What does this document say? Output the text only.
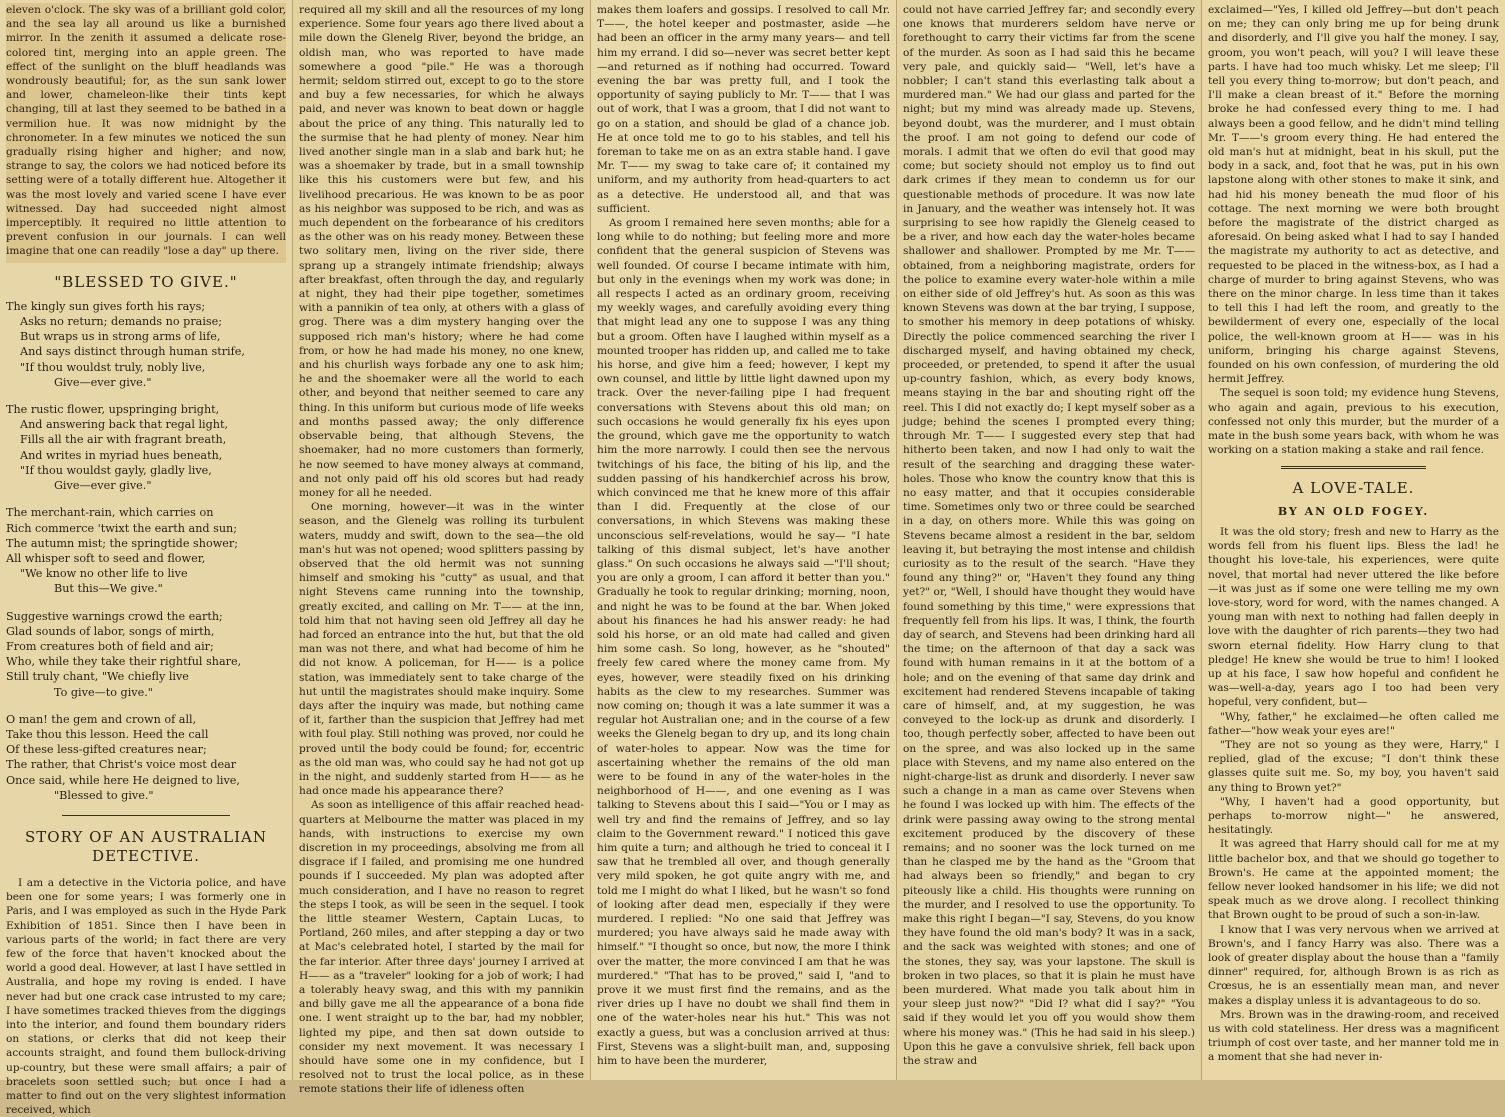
eleven o'clock. The sky was of a brilliant gold color, and the sea lay all around us like a burnished mirror. In the zenith it assumed a delicate rose-colored tint, merging into an apple green. The effect of the sunlight on the bluff headlands was wondrously beautiful; for, as the sun sank lower and lower, chameleon-like their tints kept changing, till at last they seemed to be bathed in a vermilion hue. It was now midnight by the chronometer. In a few minutes we noticed the sun gradually rising higher and higher; and now, strange to say, the colors we had noticed before its setting were of a totally different hue. Altogether it was the most lovely and varied scene I have ever witnessed. Day had succeeded night almost imperceptibly. It required no little attention to prevent confusion in our journals. I can well imagine that one can readily "lose a day" up there.

"BLESSED TO GIVE."

The kingly sun gives forth his rays;
Asks no return; demands no praise;
But wraps us in strong arms of life,
And says distinct through human strife,
"If thou wouldst truly, nobly live,
Give—ever give."
The rustic flower, upspringing bright,
And answering back that regal light,
Fills all the air with fragrant breath,
And writes in myriad hues beneath,
"If thou wouldst gayly, gladly live,
Give—ever give."
The merchant-rain, which carries on
Rich commerce 'twixt the earth and sun;
The autumn mist; the springtide shower;
All whisper soft to seed and flower,
"We know no other life to live
But this—We give."
Suggestive warnings crowd the earth;
Glad sounds of labor, songs of mirth,
From creatures both of field and air;
Who, while they take their rightful share,
Still truly chant, "We chiefly live
To give—to give."
O man! the gem and crown of all,
Take thou this lesson. Heed the call
Of these less-gifted creatures near;
The rather, that Christ's voice most dear
Once said, while here He deigned to live,
"Blessed to give."

STORY OF AN AUSTRALIAN DETECTIVE.

I am a detective in the Victoria police, and have been one for some years; I was formerly one in Paris, and I was employed as such in the Hyde Park Exhibition of 1851. Since then I have been in various parts of the world; in fact there are very few of the force that haven't knocked about the world a good deal. However, at last I have settled in Australia, and hope my roving is ended. I have never had but one crack case intrusted to my care; I have sometimes tracked thieves from the diggings into the interior, and found them boundary riders on stations, or clerks that did not keep their accounts straight, and found them bullock-driving up-country, but these were small affairs; a pair of bracelets soon settled such; but once I had a matter to find out on the very slightest information received, which

required all my skill and all the resources of my long experience. Some four years ago there lived about a mile down the Glenelg River, beyond the bridge, an oldish man, who was reported to have made somewhere a good "pile." He was a thorough hermit; seldom stirred out, except to go to the store and buy a few necessaries, for which he always paid, and never was known to beat down or haggle about the price of any thing. This naturally led to the surmise that he had plenty of money. Near him lived another single man in a slab and bark hut; he was a shoemaker by trade, but in a small township like this his customers were but few, and his livelihood precarious. He was known to be as poor as his neighbor was supposed to be rich, and was as much dependent on the forbearance of his creditors as the other was on his ready money. Between these two solitary men, living on the river side, there sprang up a strangely intimate friendship; always after breakfast, often through the day, and regularly at night, they had their pipe together, sometimes with a pannikin of tea only, at others with a glass of grog. There was a dim mystery hanging over the supposed rich man's history; where he had come from, or how he had made his money, no one knew, and his churlish ways forbade any one to ask him; he and the shoemaker were all the world to each other, and beyond that neither seemed to care any thing. In this uniform but curious mode of life weeks and months passed away; the only difference observable being, that although Stevens, the shoemaker, had no more customers than formerly, he now seemed to have money always at command, and not only paid off his old scores but had ready money for all he needed.

One morning, however—it was in the winter season, and the Glenelg was rolling its turbulent waters, muddy and swift, down to the sea—the old man's hut was not opened; wood splitters passing by observed that the old hermit was not sunning himself and smoking his "cutty" as usual, and that night Stevens came running into the township, greatly excited, and calling on Mr. T—— at the inn, told him that not having seen old Jeffrey all day he had forced an entrance into the hut, but that the old man was not there, and what had become of him he did not know. A policeman, for H—— is a police station, was immediately sent to take charge of the hut until the magistrates should make inquiry. Some days after the inquiry was made, but nothing came of it, farther than the suspicion that Jeffrey had met with foul play. Still nothing was proved, nor could he proved until the body could be found; for, eccentric as the old man was, who could say he had not got up in the night, and suddenly started from H—— as he had once made his appearance there?

As soon as intelligence of this affair reached head-quarters at Melbourne the matter was placed in my hands, with instructions to exercise my own discretion in my proceedings, absolving me from all disgrace if I failed, and promising me one hundred pounds if I succeeded. My plan was adopted after much consideration, and I have no reason to regret the steps I took, as will be seen in the sequel. I took the little steamer Western, Captain Lucas, to Portland, 260 miles, and after stepping a day or two at Mac's celebrated hotel, I started by the mail for the far interior. After three days' journey I arrived at H—— as a "traveler" looking for a job of work; I had a tolerably heavy swag, and this with my pannikin and billy gave me all the appearance of a bona fide one. I went straight up to the bar, had my nobbler, lighted my pipe, and then sat down outside to consider my next movement. It was necessary I should have some one in my confidence, but I resolved not to trust the local police, as in these remote stations their life of idleness often

makes them loafers and gossips. I resolved to call Mr. T——, the hotel keeper and postmaster, aside —he had been an officer in the army many years— and tell him my errand. I did so—never was secret better kept—and returned as if nothing had occurred. Toward evening the bar was pretty full, and I took the opportunity of saying publicly to Mr. T—— that I was out of work, that I was a groom, that I did not want to go on a station, and should be glad of a chance job. He at once told me to go to his stables, and tell his foreman to take me on as an extra stable hand. I gave Mr. T—— my swag to take care of; it contained my uniform, and my authority from head-quarters to act as a detective. He understood all, and that was sufficient.

As groom I remained here seven months; able for a long while to do nothing; but feeling more and more confident that the general suspicion of Stevens was well founded. Of course I became intimate with him, but only in the evenings when my work was done; in all respects I acted as an ordinary groom, receiving my weekly wages, and carefully avoiding every thing that might lead any one to suppose I was any thing but a groom. Often have I laughed within myself as a mounted trooper has ridden up, and called me to take his horse, and give him a feed; however, I kept my own counsel, and little by little light dawned upon my track. Over the never-failing pipe I had frequent conversations with Stevens about this old man; on such occasions he would generally fix his eyes upon the ground, which gave me the opportunity to watch him the more narrowly. I could then see the nervous twitchings of his face, the biting of his lip, and the sudden passing of his handkerchief across his brow, which convinced me that he knew more of this affair than I did. Frequently at the close of our conversations, in which Stevens was making these unconscious self-revelations, would he say— "I hate talking of this dismal subject, let's have another glass." On such occasions he always said —"I'll shout; you are only a groom, I can afford it better than you." Gradually he took to regular drinking; morning, noon, and night he was to be found at the bar. When joked about his finances he had his answer ready: he had sold his horse, or an old mate had called and given him some cash. So long, however, as he "shouted" freely few cared where the money came from. My eyes, however, were steadily fixed on his drinking habits as the clew to my researches. Summer was now coming on; though it was a late summer it was a regular hot Australian one; and in the course of a few weeks the Glenelg began to dry up, and its long chain of water-holes to appear. Now was the time for ascertaining whether the remains of the old man were to be found in any of the water-holes in the neighborhood of H——, and one evening as I was talking to Stevens about this I said—"You or I may as well try and find the remains of Jeffrey, and so lay claim to the Government reward." I noticed this gave him quite a turn; and although he tried to conceal it I saw that he trembled all over, and though generally very mild spoken, he got quite angry with me, and told me I might do what I liked, but he wasn't so fond of looking after dead men, especially if they were murdered. I replied: "No one said that Jeffrey was murdered; you have always said he made away with himself." "I thought so once, but now, the more I think over the matter, the more convinced I am that he was murdered." "That has to be proved," said I, "and to prove it we must first find the remains, and as the river dries up I have no doubt we shall find them in one of the water-holes near his hut." This was not exactly a guess, but was a conclusion arrived at thus: First, Stevens was a slight-built man, and, supposing him to have been the murderer,

could not have carried Jeffrey far; and secondly every one knows that murderers seldom have nerve or forethought to carry their victims far from the scene of the murder. As soon as I had said this he became very pale, and quickly said— "Well, let's have a nobbler; I can't stand this everlasting talk about a murdered man." We had our glass and parted for the night; but my mind was already made up. Stevens, beyond doubt, was the murderer, and I must obtain the proof. I am not going to defend our code of morals. I admit that we often do evil that good may come; but society should not employ us to find out dark crimes if they mean to condemn us for our questionable methods of procedure. It was now late in January, and the weather was intensely hot. It was surprising to see how rapidly the Glenelg ceased to be a river, and how each day the water-holes became shallower and shallower. Prompted by me Mr. T—— obtained, from a neighboring magistrate, orders for the police to examine every water-hole within a mile on either side of old Jeffrey's hut. As soon as this was known Stevens was down at the bar trying, I suppose, to smother his memory in deep potations of whisky. Directly the police commenced searching the river I discharged myself, and having obtained my check, proceeded, or pretended, to spend it after the usual up-country fashion, which, as every body knows, means staying in the bar and shouting right off the reel. This I did not exactly do; I kept myself sober as a judge; behind the scenes I prompted every thing; through Mr. T—— I suggested every step that had hitherto been taken, and now I had only to wait the result of the searching and dragging these water-holes. Those who know the country know that this is no easy matter, and that it occupies considerable time. Sometimes only two or three could be searched in a day, on others more. While this was going on Stevens became almost a resident in the bar, seldom leaving it, but betraying the most intense and childish curiosity as to the result of the search. "Have they found any thing?" or, "Haven't they found any thing yet?" or, "Well, I should have thought they would have found something by this time," were expressions that frequently fell from his lips. It was, I think, the fourth day of search, and Stevens had been drinking hard all the time; on the afternoon of that day a sack was found with human remains in it at the bottom of a hole; and on the evening of that same day drink and excitement had rendered Stevens incapable of taking care of himself, and, at my suggestion, he was conveyed to the lock-up as drunk and disorderly. I too, though perfectly sober, affected to have been out on the spree, and was also locked up in the same place with Stevens, and my name also entered on the night-charge-list as drunk and disorderly. I never saw such a change in a man as came over Stevens when he found I was locked up with him. The effects of the drink were passing away owing to the strong mental excitement produced by the discovery of these remains; and no sooner was the lock turned on me than he clasped me by the hand as the "Groom that had always been so friendly," and began to cry piteously like a child. His thoughts were running on the murder, and I resolved to use the opportunity. To make this right I began—"I say, Stevens, do you know they have found the old man's body? It was in a sack, and the sack was weighted with stones; and one of the stones, they say, was your lapstone. The skull is broken in two places, so that it is plain he must have been murdered. What made you talk about him in your sleep just now?" "Did I? what did I say?" "You said if they would let you off you would show them where his money was." (This he had said in his sleep.) Upon this he gave a convulsive shriek, fell back upon the straw and

exclaimed—"Yes, I killed old Jeffrey—but don't peach on me; they can only bring me up for being drunk and disorderly, and I'll give you half the money. I say, groom, you won't peach, will you? I will leave these parts. I have had too much whisky. Let me sleep; I'll tell you every thing to-morrow; but don't peach, and I'll make a clean breast of it." Before the morning broke he had confessed every thing to me. I had always been a good fellow, and he didn't mind telling Mr. T——'s groom every thing. He had entered the old man's hut at midnight, beat in his skull, put the body in a sack, and, foot that he was, put in his own lapstone along with other stones to make it sink, and had hid his money beneath the mud floor of his cottage. The next morning we were both brought before the magistrate of the district charged as aforesaid. On being asked what I had to say I handed the magistrate my authority to act as detective, and requested to be placed in the witness-box, as I had a charge of murder to bring against Stevens, who was there on the minor charge. In less time than it takes to tell this I had left the room, and greatly to the bewilderment of every one, especially of the local police, the well-known groom at H—— was in his uniform, bringing his charge against Stevens, founded on his own confession, of murdering the old hermit Jeffrey.

The sequel is soon told; my evidence hung Stevens, who again and again, previous to his execution, confessed not only this murder, but the murder of a mate in the bush some years back, with whom he was working on a station making a stake and rail fence.

A LOVE-TALE.

BY AN OLD FOGEY.

It was the old story; fresh and new to Harry as the words fell from his fluent lips. Bless the lad! he thought his love-tale, his experiences, were quite novel, that mortal had never uttered the like before —it was just as if some one were telling me my own love-story, word for word, with the names changed. A young man with next to nothing had fallen deeply in love with the daughter of rich parents—they two had sworn eternal fidelity. How Harry clung to that pledge! He knew she would be true to him! I looked up at his face, I saw how hopeful and confident he was—well-a-day, years ago I too had been very hopeful, very confident, but—

"Why, father," he exclaimed—he often called me father—"how weak your eyes are!"

"They are not so young as they were, Harry," I replied, glad of the excuse; "I don't think these glasses quite suit me. So, my boy, you haven't said any thing to Brown yet?"

"Why, I haven't had a good opportunity, but perhaps to-morrow night—" he answered, hesitatingly.

It was agreed that Harry should call for me at my little bachelor box, and that we should go together to Brown's. He came at the appointed moment; the fellow never looked handsomer in his life; we did not speak much as we drove along. I recollect thinking that Brown ought to be proud of such a son-in-law.

I know that I was very nervous when we arrived at Brown's, and I fancy Harry was also. There was a look of greater display about the house than a "family dinner" required, for, although Brown is as rich as Crœsus, he is an essentially mean man, and never makes a display unless it is advantageous to do so.

Mrs. Brown was in the drawing-room, and received us with cold stateliness. Her dress was a magnificent triumph of cost over taste, and her manner told me in a moment that she had never in-
